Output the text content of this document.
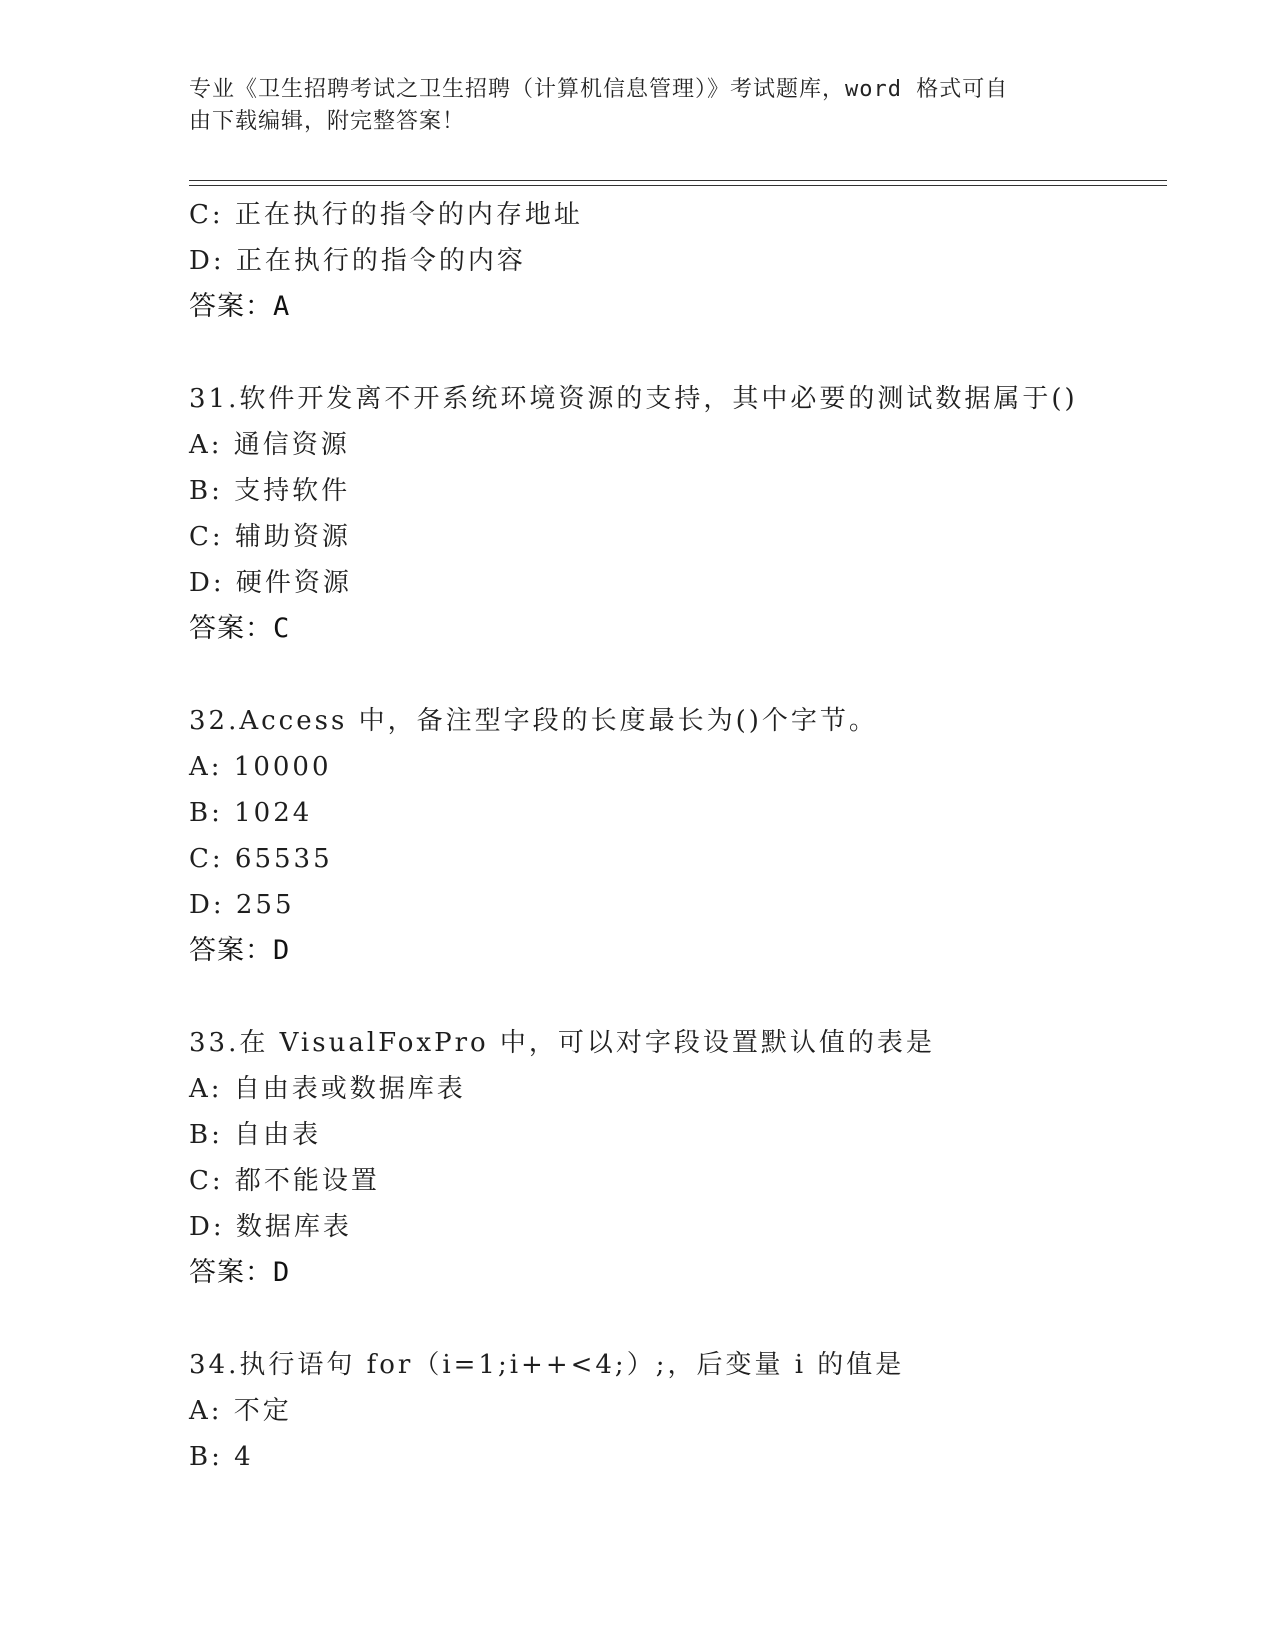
专业《卫生招聘考试之卫生招聘（计算机信息管理）》考试题库，word 格式可自
由下载编辑，附完整答案！
C: 正在执行的指令的内存地址
D: 正在执行的指令的内容
答案：A
31.软件开发离不开系统环境资源的支持，其中必要的测试数据属于()
A: 通信资源
B: 支持软件
C: 辅助资源
D: 硬件资源
答案：C
32.Access 中，备注型字段的长度最长为()个字节。
A: 10000
B: 1024
C: 65535
D: 255
答案：D
33.在 VisualFoxPro 中，可以对字段设置默认值的表是
A: 自由表或数据库表
B: 自由表
C: 都不能设置
D: 数据库表
答案：D
34.执行语句 for（i=1;i++<4;）;，后变量 i 的值是
A: 不定
B: 4
